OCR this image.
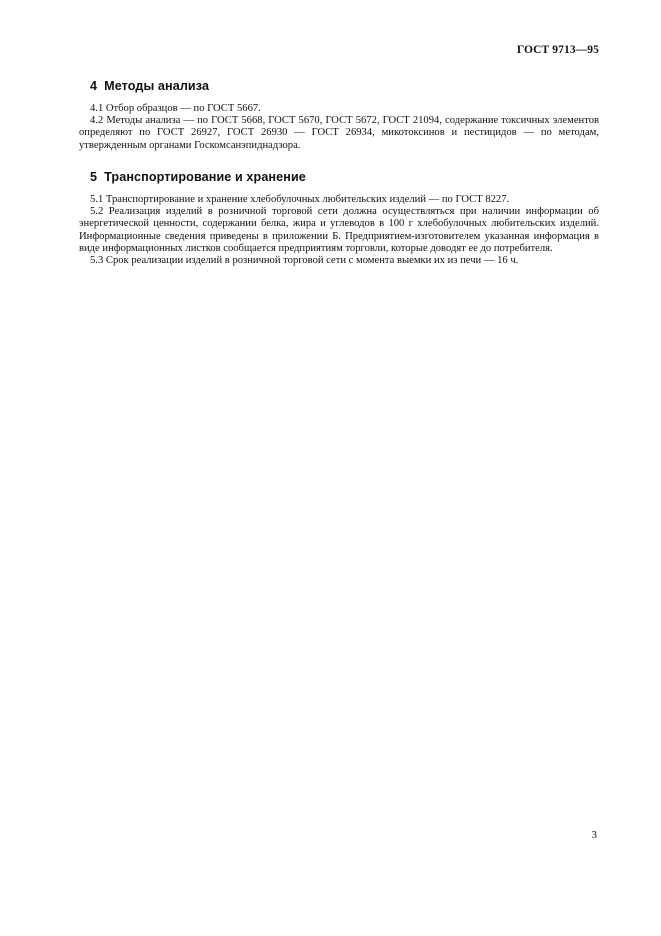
ГОСТ 9713—95
4 Методы анализа

4.1 Отбор образцов — по ГОСТ 5667.

4.2 Методы анализа — по ГОСТ 5668, ГОСТ 5670, ГОСТ 5672, ГОСТ 21094, содержание токсичных элементов определяют по ГОСТ 26927, ГОСТ 26930 — ГОСТ 26934, микотоксинов и пестицидов — по методам, утвержденным органами Госкомсанэпиднадзора.

5 Транспортирование и хранение

5.1 Транспортирование и хранение хлебобулочных любительских изделий — по ГОСТ 8227.

5.2 Реализация изделий в розничной торговой сети должна осуществляться при наличии информации об энергетической ценности, содержании белка, жира и углеводов в 100 г хлебобулочных любительских изделий. Информационные сведения приведены в приложении Б. Предприятием-изготовителем указанная информация в виде информационных листков сообщается предприятиям торговли, которые доводят ее до потребителя.

5.3 Срок реализации изделий в розничной торговой сети с момента выемки их из печи — 16 ч.

3
